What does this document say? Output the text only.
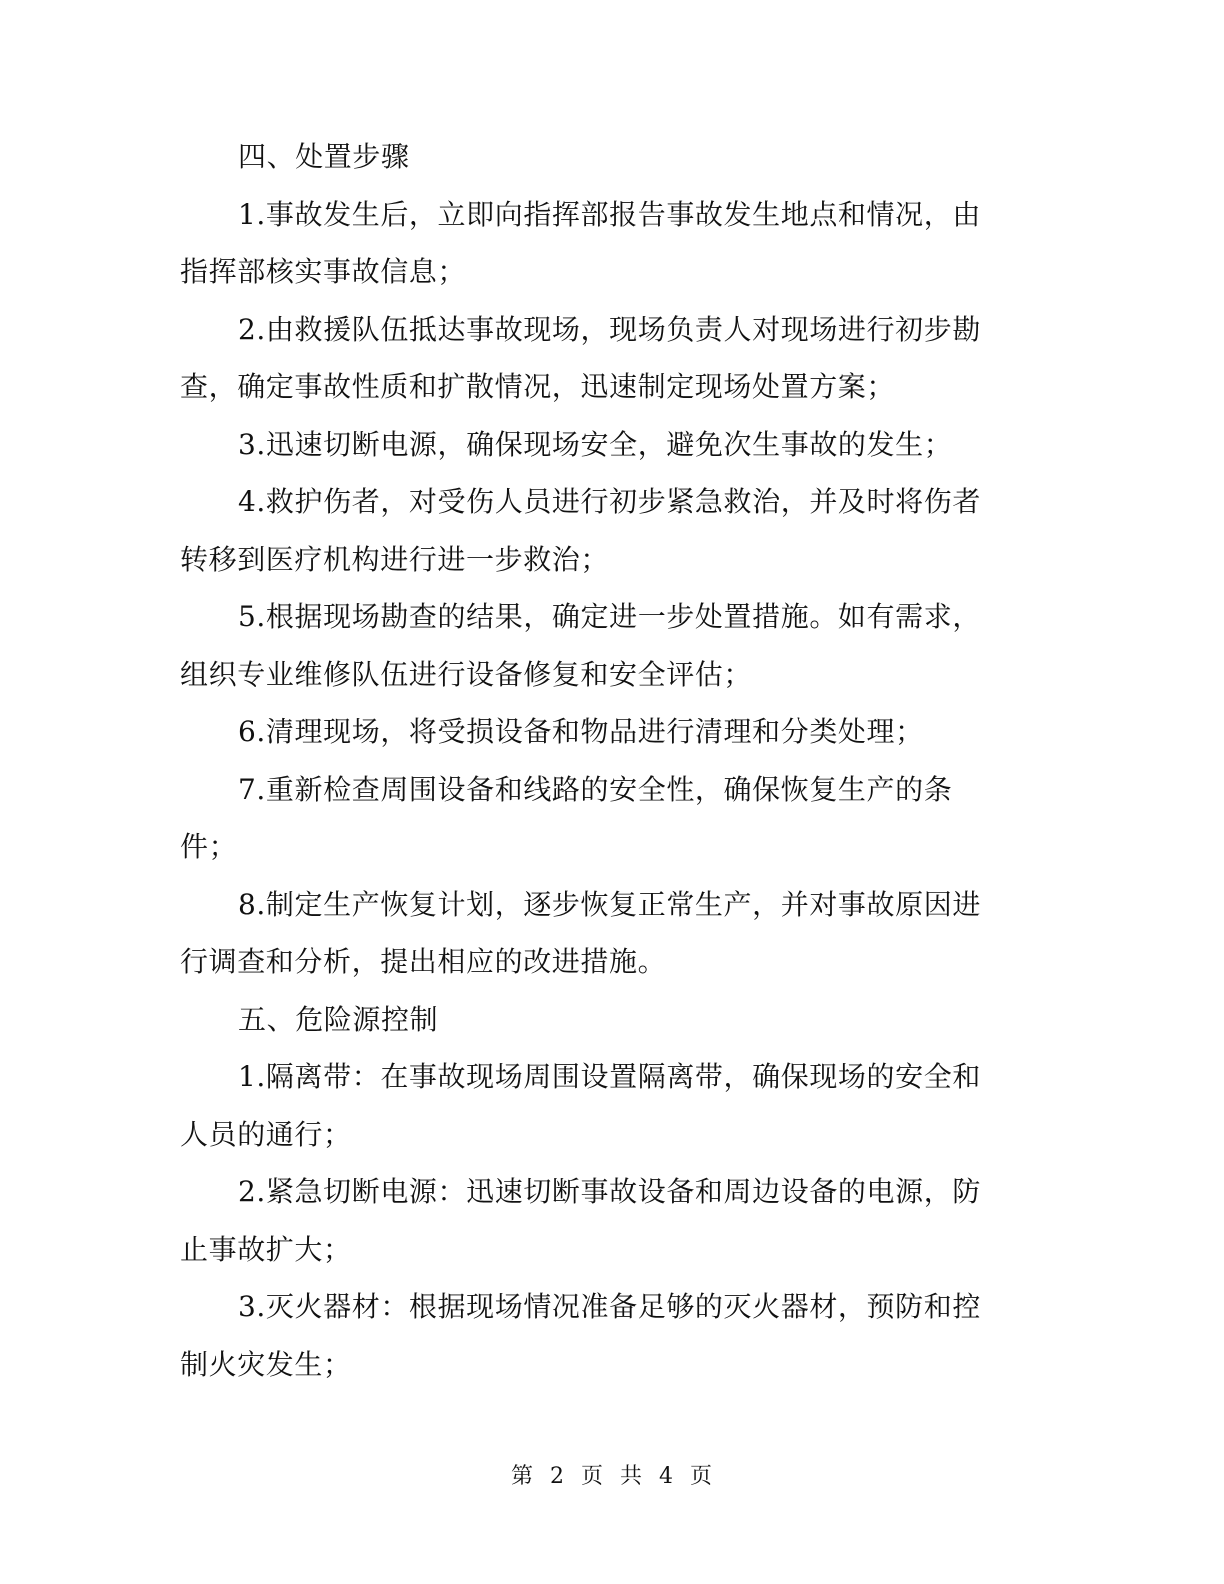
四、处置步骤

1.事故发生后，立即向指挥部报告事故发生地点和情况，由

指挥部核实事故信息；

2.由救援队伍抵达事故现场，现场负责人对现场进行初步勘

查，确定事故性质和扩散情况，迅速制定现场处置方案；

3.迅速切断电源，确保现场安全，避免次生事故的发生；

4.救护伤者，对受伤人员进行初步紧急救治，并及时将伤者

转移到医疗机构进行进一步救治；

5.根据现场勘查的结果，确定进一步处置措施。如有需求，

组织专业维修队伍进行设备修复和安全评估；

6.清理现场，将受损设备和物品进行清理和分类处理；

7.重新检查周围设备和线路的安全性，确保恢复生产的条

件；

8.制定生产恢复计划，逐步恢复正常生产，并对事故原因进

行调查和分析，提出相应的改进措施。

五、危险源控制

1.隔离带：在事故现场周围设置隔离带，确保现场的安全和

人员的通行；

2.紧急切断电源：迅速切断事故设备和周边设备的电源，防

止事故扩大；

3.灭火器材：根据现场情况准备足够的灭火器材，预防和控

制火灾发生；

第 2 页 共 4 页
